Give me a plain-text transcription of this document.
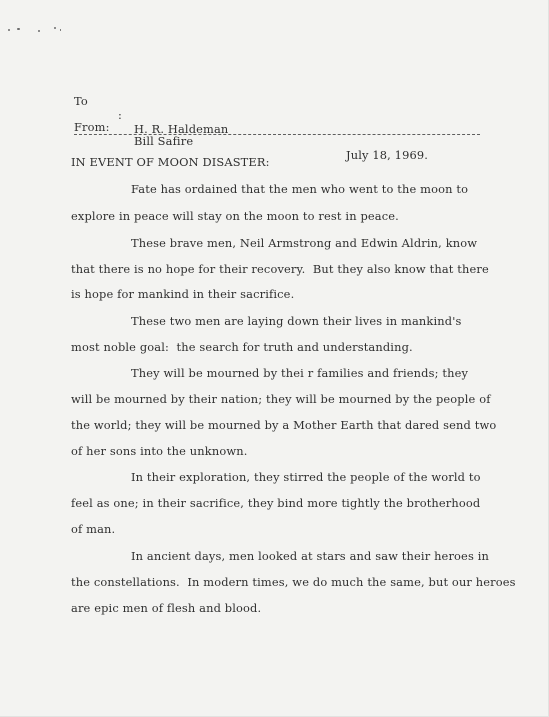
To

:

H. R. Haldeman

From:

Bill Safire

July 18, 1969.

IN EVENT OF MOON DISASTER:
Fate has ordained that the men who went to the moon to
explore in peace will stay on the moon to rest in peace.
These brave men, Neil Armstrong and Edwin Aldrin, know
that there is no hope for their recovery.  But they also know that there
is hope for mankind in their sacrifice.
These two men are laying down their lives in mankind's
most noble goal:  the search for truth and understanding.
They will be mourned by thei r families and friends; they
will be mourned by their nation; they will be mourned by the people of
the world; they will be mourned by a Mother Earth that dared send two
of her sons into the unknown.
In their exploration, they stirred the people of the world to
feel as one; in their sacrifice, they bind more tightly the brotherhood
of man.
In ancient days, men looked at stars and saw their heroes in
the constellations.  In modern times, we do much the same, but our heroes
are epic men of flesh and blood.
